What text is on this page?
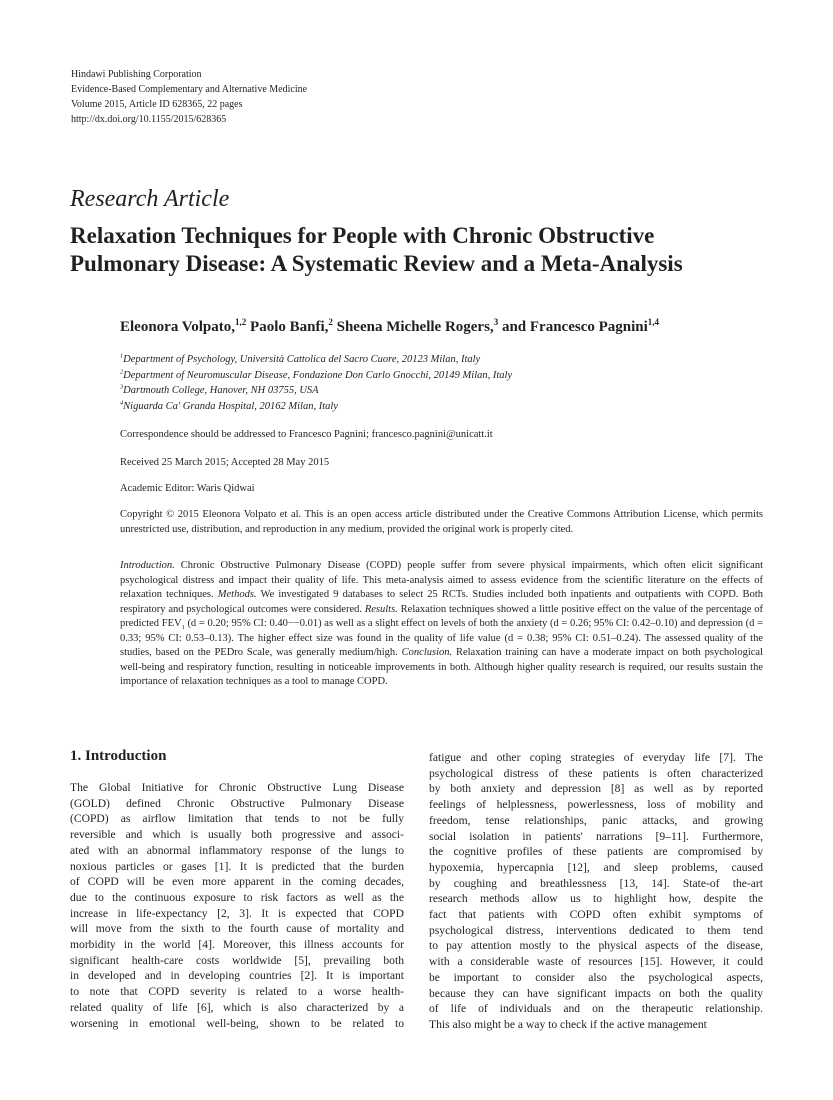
Hindawi Publishing Corporation
Evidence-Based Complementary and Alternative Medicine
Volume 2015, Article ID 628365, 22 pages
http://dx.doi.org/10.1155/2015/628365
Research Article
Relaxation Techniques for People with Chronic Obstructive
Pulmonary Disease: A Systematic Review and a Meta-Analysis
Eleonora Volpato,$^{1,2}$ Paolo Banfi,$^2$ Sheena Michelle Rogers,$^3$ and Francesco Pagnini$^{1,4}$
$^1$Department of Psychology, Università Cattolica del Sacro Cuore, 20123 Milan, Italy
$^2$Department of Neuromuscular Disease, Fondazione Don Carlo Gnocchi, 20149 Milan, Italy
$^3$Dartmouth College, Hanover, NH 03755, USA
$^4$Niguarda Ca' Granda Hospital, 20162 Milan, Italy
Correspondence should be addressed to Francesco Pagnini; francesco.pagnini@unicatt.it
Received 25 March 2015; Accepted 28 May 2015
Academic Editor: Waris Qidwai
Copyright © 2015 Eleonora Volpato et al. This is an open access article distributed under the Creative Commons Attribution License, which permits unrestricted use, distribution, and reproduction in any medium, provided the original work is properly cited.
Introduction. Chronic Obstructive Pulmonary Disease (COPD) people suffer from severe physical impairments, which often elicit significant psychological distress and impact their quality of life. This meta-analysis aimed to assess evidence from the scientific literature on the effects of relaxation techniques. Methods. We investigated 9 databases to select 25 RCTs. Studies included both inpatients and outpatients with COPD. Both respiratory and psychological outcomes were considered. Results. Relaxation techniques showed a little positive effect on the value of the percentage of predicted $FEV_1$ (d = 0.20; 95% CI: 0.40−−0.01) as well as a slight effect on levels of both the anxiety (d = 0.26; 95% CI: 0.42–0.10) and depression (d = 0.33; 95% CI: 0.53–0.13). The higher effect size was found in the quality of life value (d = 0.38; 95% CI: 0.51–0.24). The assessed quality of the studies, based on the PEDro Scale, was generally medium/high. Conclusion. Relaxation training can have a moderate impact on both psychological well-being and respiratory function, resulting in noticeable improvements in both. Although higher quality research is required, our results sustain the importance of relaxation techniques as a tool to manage COPD.
1. Introduction
The Global Initiative for Chronic Obstructive Lung Disease
(GOLD) defined Chronic Obstructive Pulmonary Disease
(COPD) as airflow limitation that tends to not be fully
reversible and which is usually both progressive and associ-
ated with an abnormal inflammatory response of the lungs to
noxious particles or gases [1]. It is predicted that the burden
of COPD will be even more apparent in the coming decades,
due to the continuous exposure to risk factors as well as the
increase in life-expectancy [2, 3]. It is expected that COPD
will move from the sixth to the fourth cause of mortality and
morbidity in the world [4]. Moreover, this illness accounts for
significant health-care costs worldwide [5], prevailing both
in developed and in developing countries [2]. It is important
to note that COPD severity is related to a worse health-
related quality of life [6], which is also characterized by a
worsening in emotional well-being, shown to be related to
fatigue and other coping strategies of everyday life [7]. The
psychological distress of these patients is often characterized
by both anxiety and depression [8] as well as by reported
feelings of helplessness, powerlessness, loss of mobility and
freedom, tense relationships, panic attacks, and growing
social isolation in patients' narrations [9–11]. Furthermore,
the cognitive profiles of these patients are compromised by
hypoxemia, hypercapnia [12], and sleep problems, caused
by coughing and breathlessness [13, 14]. State-of the-art
research methods allow us to highlight how, despite the
fact that patients with COPD often exhibit symptoms of
psychological distress, interventions dedicated to them tend
to pay attention mostly to the physical aspects of the disease,
with a considerable waste of resources [15]. However, it could
be important to consider also the psychological aspects,
because they can have significant impacts on both the quality
of life of individuals and on the therapeutic relationship.
This also might be a way to check if the active management
